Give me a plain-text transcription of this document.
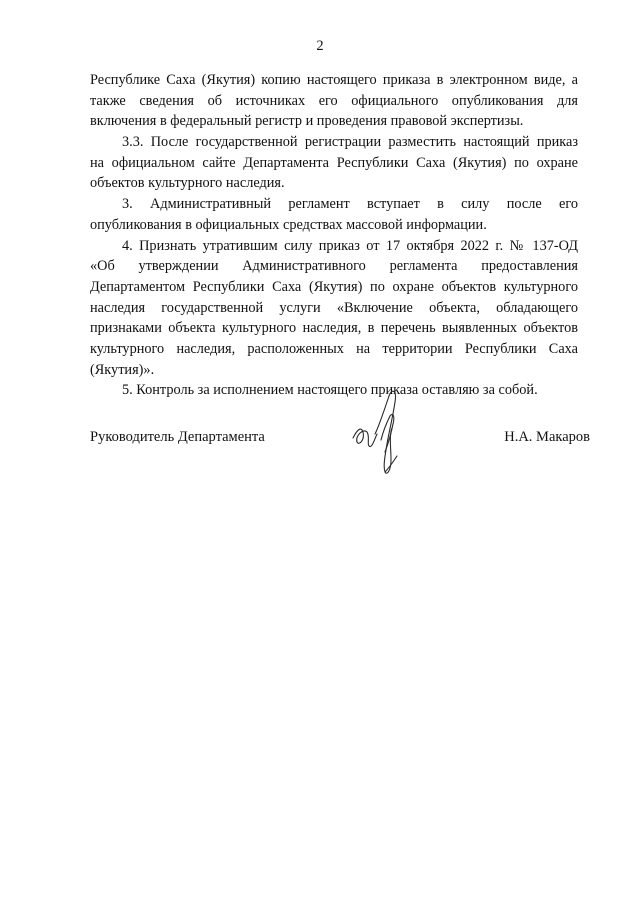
2
Республике Саха (Якутия) копию настоящего приказа в электронном виде, а
также сведения об источниках его официального опубликования для
включения в федеральный регистр и проведения правовой экспертизы.
3.3. После государственной регистрации разместить настоящий приказ
на официальном сайте Департамента Республики Саха (Якутия) по охране
объектов культурного наследия.
3. Административный регламент вступает в силу после его
опубликования в официальных средствах массовой информации.
4. Признать утратившим силу приказ от 17 октября 2022 г. № 137-ОД
«Об утверждении Административного регламента предоставления
Департаментом Республики Саха (Якутия) по охране объектов культурного
наследия государственной услуги «Включение объекта, обладающего
признаками объекта культурного наследия, в перечень выявленных объектов
культурного наследия, расположенных на территории Республики Саха
(Якутия)».
5. Контроль за исполнением настоящего приказа оставляю за собой.
Руководитель Департамента	Н.А. Макаров
